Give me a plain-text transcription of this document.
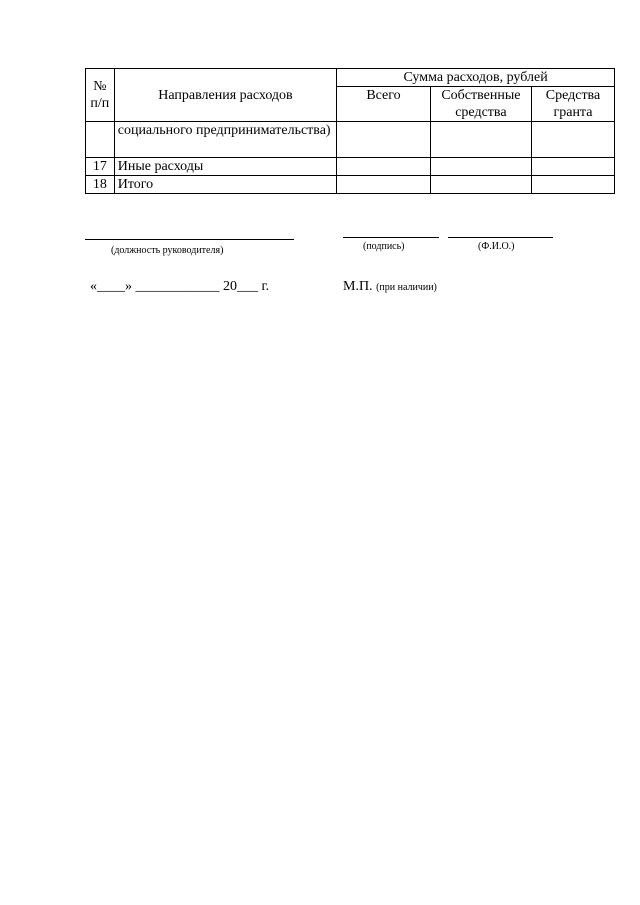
№ п/п	Направления расходов	Сумма расходов, рублей		
		Всего	Собственные средства	Средства гранта
	социального предпринимательства)			
17	Иные расходы			
18	Итого			
(должность руководителя)	(подпись)	(Ф.И.О.)
«____» ____________ 20___ г.	М.П. (при наличии)
